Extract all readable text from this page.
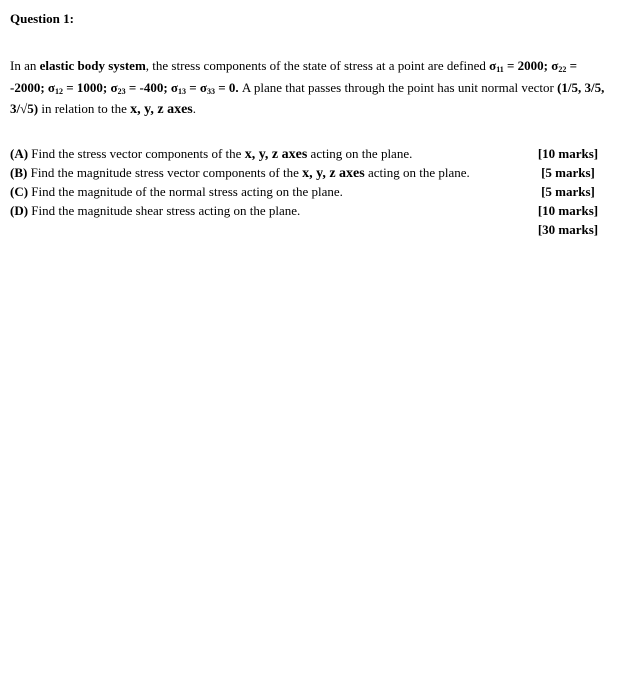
Question 1:
In an elastic body system, the stress components of the state of stress at a point are defined $\sigma_{11} = 2000$; $\sigma_{22} = -2000$; $\sigma_{12} = 1000$; $\sigma_{23} = -400$; $\sigma_{13} = \sigma_{33} = 0$. A plane that passes through the point has unit normal vector (1/5, 3/5, 3/√5) in relation to the x, y, z axes.
(A) Find the stress vector components of the x, y, z axes acting on the plane.	[10 marks]
(B) Find the magnitude stress vector components of the x, y, z axes acting on the plane.	[5 marks]
(C) Find the magnitude of the normal stress acting on the plane.	[5 marks]
(D) Find the magnitude shear stress acting on the plane.	[10 marks]
[30 marks]
